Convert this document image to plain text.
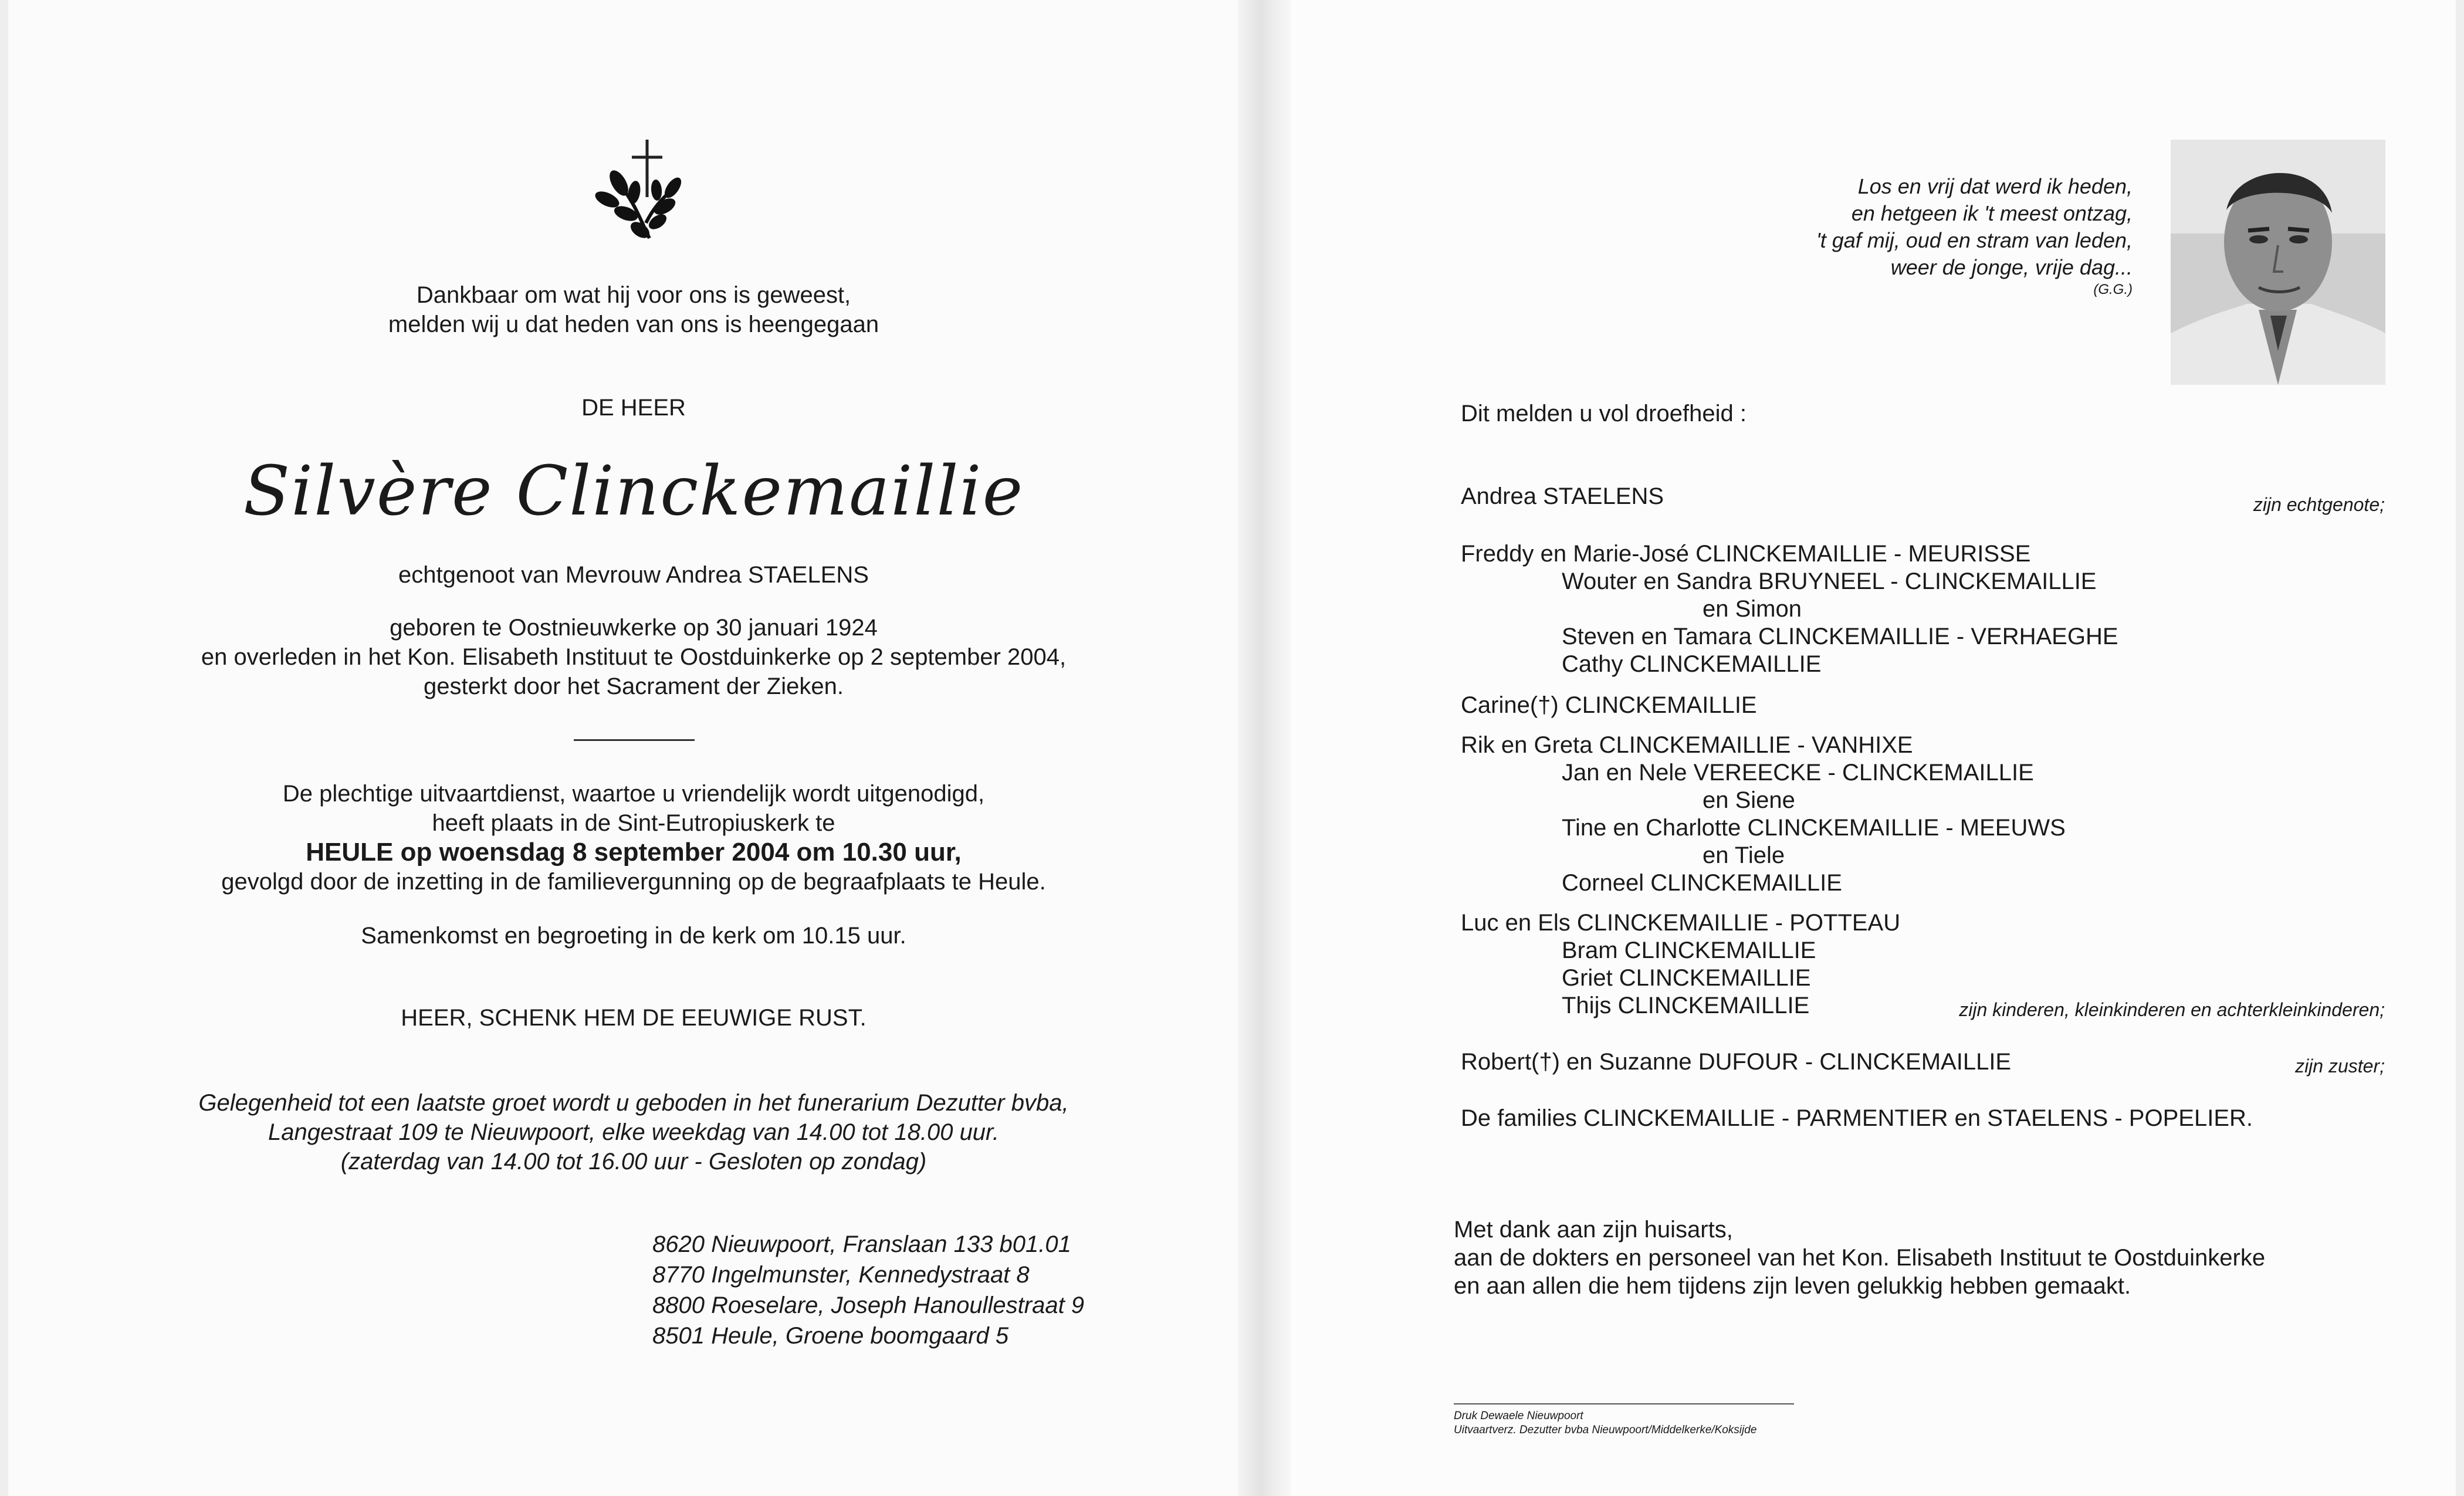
Dankbaar om wat hij voor ons is geweest,
melden wij u dat heden van ons is heengegaan
DE HEER
Silvère Clinckemaillie
echtgenoot van Mevrouw Andrea STAELENS
geboren te Oostnieuwkerke op 30 januari 1924
en overleden in het Kon. Elisabeth Instituut te Oostduinkerke op 2 september 2004,
gesterkt door het Sacrament der Zieken.
De plechtige uitvaartdienst, waartoe u vriendelijk wordt uitgenodigd,
heeft plaats in de Sint-Eutropiuskerk te
HEULE op woensdag 8 september 2004 om 10.30 uur,
gevolgd door de inzetting in de familievergunning op de begraafplaats te Heule.
Samenkomst en begroeting in de kerk om 10.15 uur.
HEER, SCHENK HEM DE EEUWIGE RUST.
Gelegenheid tot een laatste groet wordt u geboden in het funerarium Dezutter bvba,
Langestraat 109 te Nieuwpoort, elke weekdag van 14.00 tot 18.00 uur.
(zaterdag van 14.00 tot 16.00 uur - Gesloten op zondag)
8620 Nieuwpoort, Franslaan 133 b01.01
8770 Ingelmunster, Kennedystraat 8
8800 Roeselare, Joseph Hanoullestraat 9
8501 Heule, Groene boomgaard 5
Los en vrij dat werd ik heden,
en hetgeen ik 't meest ontzag,
't gaf mij, oud en stram van leden,
weer de jonge, vrije dag...
(G.G.)
Dit melden u vol droefheid :
Andrea STAELENS
Freddy en Marie-José CLINCKEMAILLIE - MEURISSE
Wouter en Sandra BRUYNEEL - CLINCKEMAILLIE
en Simon
Steven en Tamara CLINCKEMAILLIE - VERHAEGHE
Cathy CLINCKEMAILLIE
Carine(†) CLINCKEMAILLIE
Rik en Greta CLINCKEMAILLIE - VANHIXE
Jan en Nele VEREECKE - CLINCKEMAILLIE
en Siene
Tine en Charlotte CLINCKEMAILLIE - MEEUWS
en Tiele
Corneel CLINCKEMAILLIE
Luc en Els CLINCKEMAILLIE - POTTEAU
Bram CLINCKEMAILLIE
Griet CLINCKEMAILLIE
Thijs CLINCKEMAILLIE
Robert(†) en Suzanne DUFOUR - CLINCKEMAILLIE
De families CLINCKEMAILLIE - PARMENTIER en STAELENS - POPELIER.
zijn echtgenote;
zijn kinderen, kleinkinderen en achterkleinkinderen;
zijn zuster;
Met dank aan zijn huisarts,
aan de dokters en personeel van het Kon. Elisabeth Instituut te Oostduinkerke
en aan allen die hem tijdens zijn leven gelukkig hebben gemaakt.
Druk Dewaele Nieuwpoort
Uitvaartverz. Dezutter bvba Nieuwpoort/Middelkerke/Koksijde
